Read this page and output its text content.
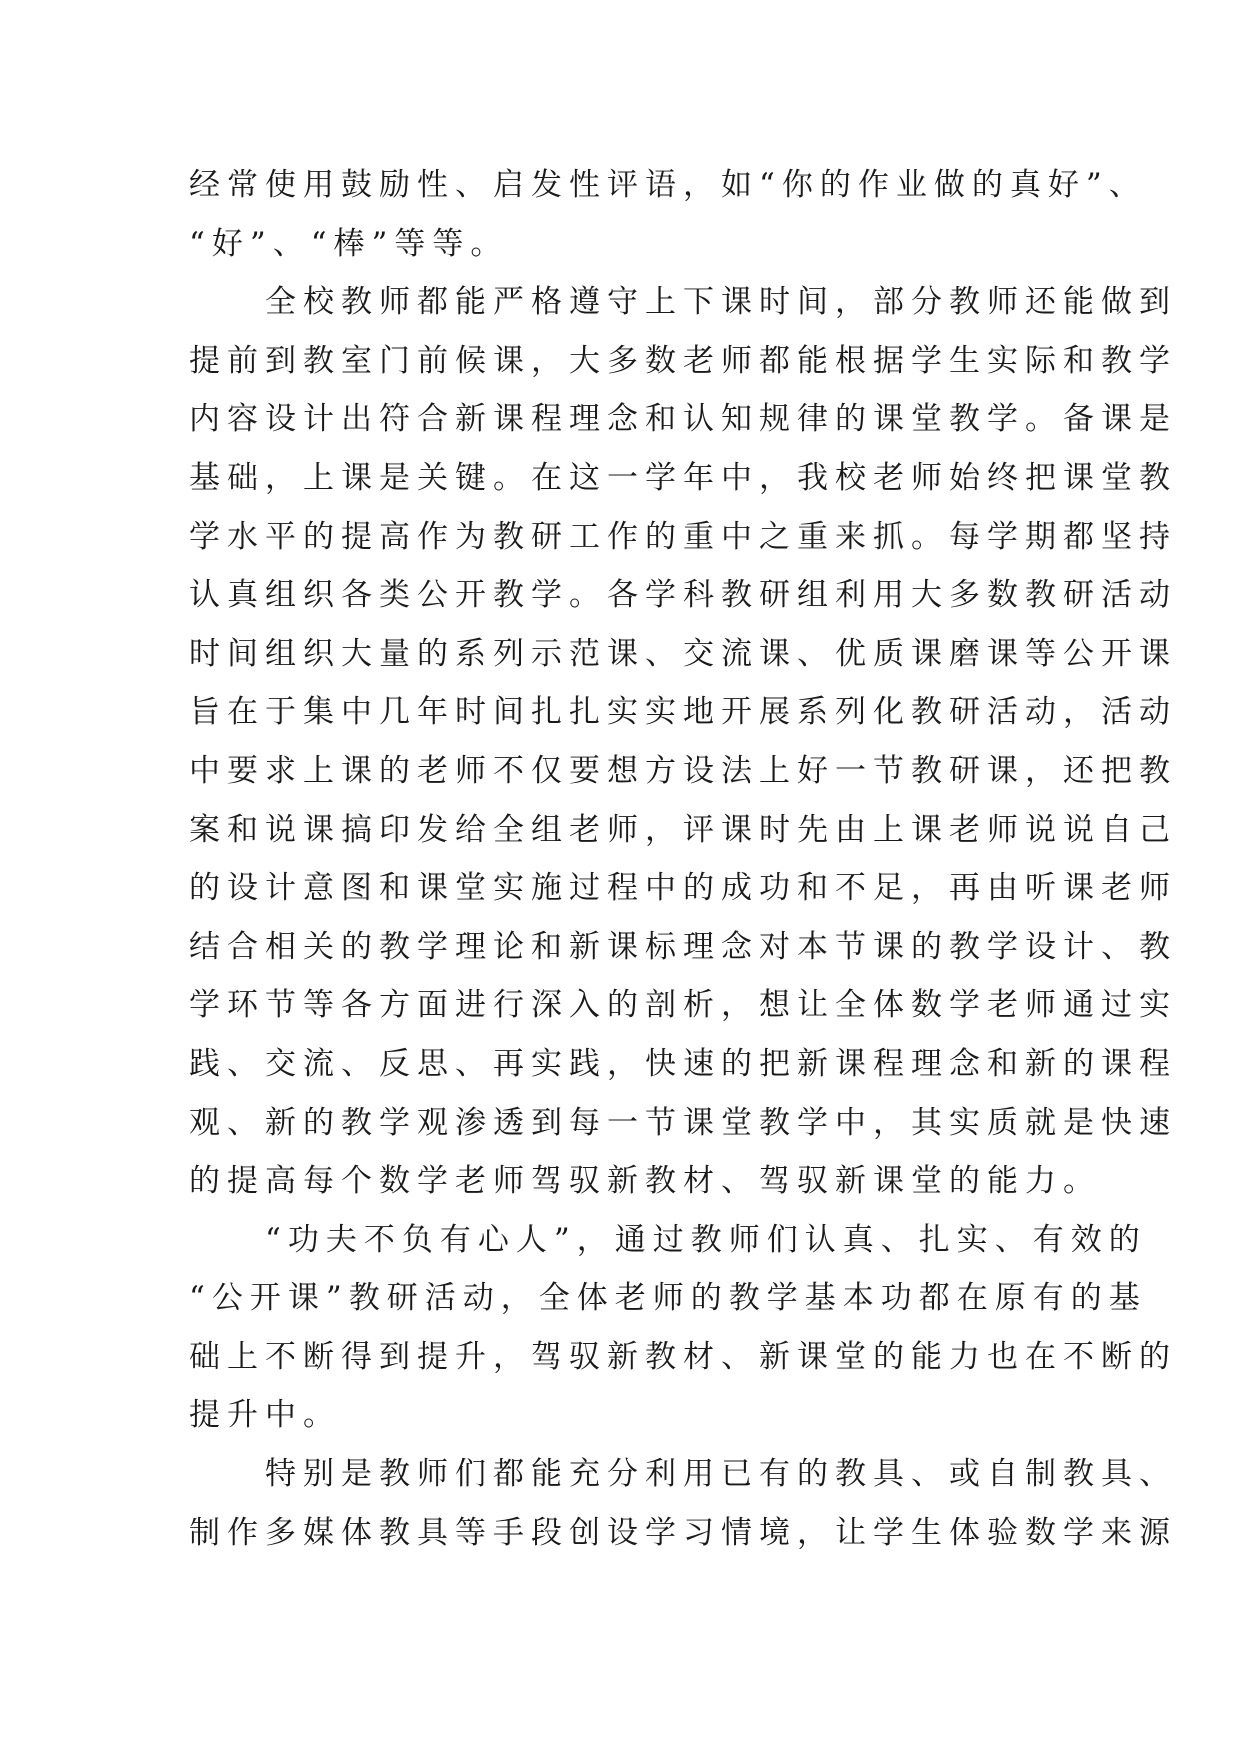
经常使用鼓励性、启发性评语，如“你的作业做的真好”、
“好”、“棒”等等。
　　全校教师都能严格遵守上下课时间，部分教师还能做到
提前到教室门前候课，大多数老师都能根据学生实际和教学
内容设计出符合新课程理念和认知规律的课堂教学。备课是
基础，上课是关键。在这一学年中，我校老师始终把课堂教
学水平的提高作为教研工作的重中之重来抓。每学期都坚持
认真组织各类公开教学。各学科教研组利用大多数教研活动
时间组织大量的系列示范课、交流课、优质课磨课等公开课
旨在于集中几年时间扎扎实实地开展系列化教研活动，活动
中要求上课的老师不仅要想方设法上好一节教研课，还把教
案和说课搞印发给全组老师，评课时先由上课老师说说自己
的设计意图和课堂实施过程中的成功和不足，再由听课老师
结合相关的教学理论和新课标理念对本节课的教学设计、教
学环节等各方面进行深入的剖析，想让全体数学老师通过实
践、交流、反思、再实践，快速的把新课程理念和新的课程
观、新的教学观渗透到每一节课堂教学中，其实质就是快速
的提高每个数学老师驾驭新教材、驾驭新课堂的能力。
　　“功夫不负有心人”，通过教师们认真、扎实、有效的
“公开课”教研活动，全体老师的教学基本功都在原有的基
础上不断得到提升，驾驭新教材、新课堂的能力也在不断的
提升中。
　　特别是教师们都能充分利用已有的教具、或自制教具、
制作多媒体教具等手段创设学习情境，让学生体验数学来源
